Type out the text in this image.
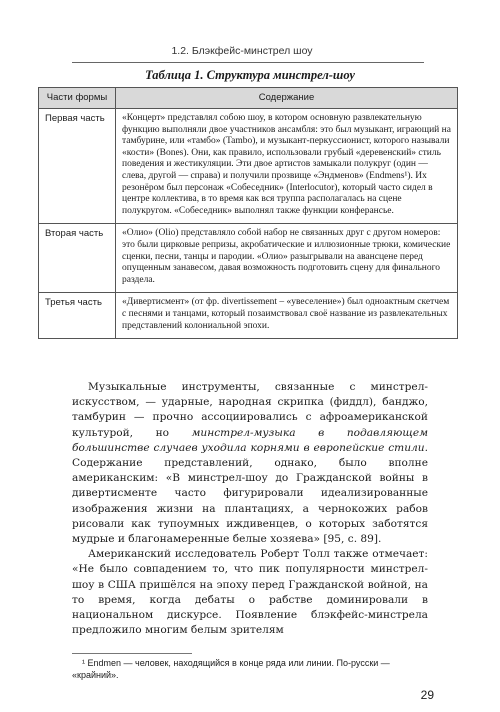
1.2. Блэкфейс-минстрел шоу
Таблица 1. Структура минстрел-шоу
Части формы	Содержание
Первая часть	«Концерт» представлял собою шоу, в котором основную развлекательную функцию выполняли двое участников ансамбля: это был музыкант, играющий на тамбурине, или «тамбо» (Tambo), и музыкант-перкуссионист, которого называли «кости» (Bones). Они, как правило, использовали грубый «деревенский» стиль поведения и жестикуляции. Эти двое артистов замыкали полукруг (один — слева, другой — справа) и получили прозвище «Эндменов» (Endmens¹). Их резонёром был персонаж «Собеседник» (Interlocutor), который часто сидел в центре коллектива, в то время как вся труппа располагалась на сцене полукругом. «Собеседник» выполнял также функции конферансье.

Вторая часть	«Олио» (Olio) представляло собой набор не связанных друг с другом номеров: это были цирковые репризы, акробатические и иллюзионные трюки, комические сценки, песни, танцы и пародии. «Олио» разыгрывали на авансцене перед опущенным занавесом, давая возможность подготовить сцену для финального раздела.

Третья часть	«Дивертисмент» (от фр. divertissement – «увеселение») был одноактным скетчем с песнями и танцами, который позаимствовал своё название из развлекательных представлений колониальной эпохи.

Музыкальные инструменты, связанные с минстрел-искусством, — ударные, народная скрипка (фиддл), банджо, тамбурин — прочно ассоциировались с афроамериканской культурой, но минстрел-музыка в подавляющем большинстве случаев уходила корнями в европейские стили. Содержание представлений, однако, было вполне американским: «В минстрел-шоу до Гражданской войны в дивертисменте часто фигурировали идеализированные изображения жизни на плантациях, а чернокожих рабов рисовали как тупоумных иждивенцев, о которых заботятся мудрые и благонамеренные белые хозяева» [95, с. 89].

Американский исследователь Роберт Толл также отмечает: «Не было совпадением то, что пик популярности минстрел-шоу в США пришёлся на эпоху перед Гражданской войной, на то время, когда дебаты о рабстве доминировали в национальном дискурсе. Появление блэкфейс-минстрела предложило многим белым зрителям

¹ Endmen — человек, находящийся в конце ряда или линии. По-русски — «крайний».
29
